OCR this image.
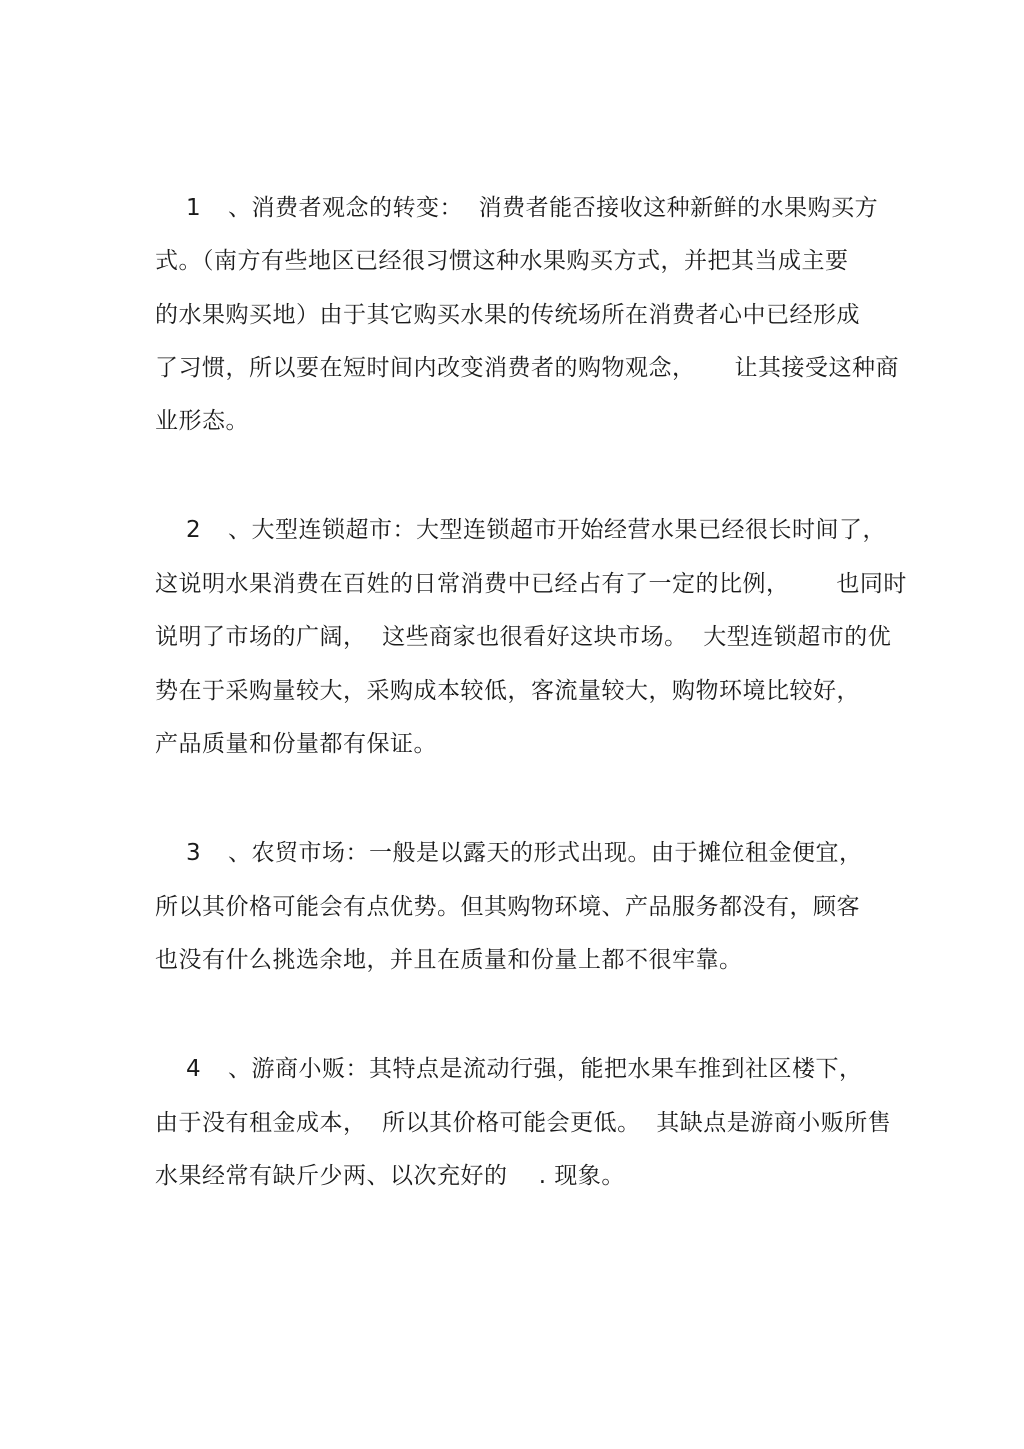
1 、消费者观念的转变：  消费者能否接收这种新鲜的水果购买方
式。（南方有些地区已经很习惯这种水果购买方式，并把其当成主要
的水果购买地）由于其它购买水果的传统场所在消费者心中已经形成
了习惯，所以要在短时间内改变消费者的购物观念，     让其接受这种商
业形态。
2 、大型连锁超市：大型连锁超市开始经营水果已经很长时间了，
这说明水果消费在百姓的日常消费中已经占有了一定的比例，      也同时
说明了市场的广阔，  这些商家也很看好这块市场。  大型连锁超市的优
势在于采购量较大，采购成本较低，客流量较大，购物环境比较好，
产品质量和份量都有保证。
3 、农贸市场：一般是以露天的形式出现。由于摊位租金便宜，
所以其价格可能会有点优势。但其购物环境、产品服务都没有，顾客
也没有什么挑选余地，并且在质量和份量上都不很牢靠。
4 、游商小贩：其特点是流动行强，能把水果车推到社区楼下，
由于没有租金成本，  所以其价格可能会更低。  其缺点是游商小贩所售
水果经常有缺斤少两、以次充好的    . 现象。
